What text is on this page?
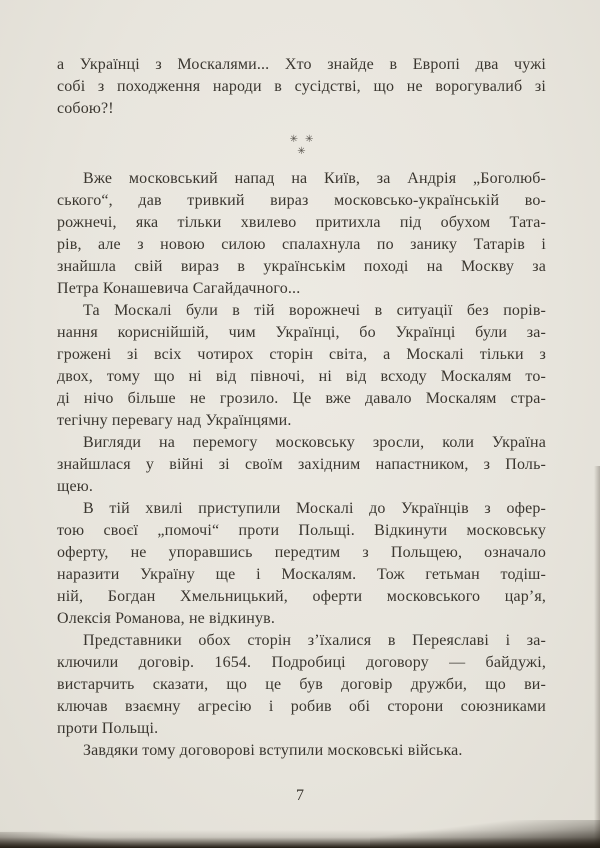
а Українці з Москалями... Хто знайде в Европі два чужі
собі з походження народи в сусідстві, що не ворогувалиб зі
собою?!
✳✳
✳
Вже московський напад на Київ, за Андрія „Боголюб-
ського“, дав тривкий вираз московсько-українській во-
рожнечі, яка тільки хвилево притихла під обухом Тата-
рів, але з новою силою спалахнула по занику Татарів і
знайшла свій вираз в українськім поході на Москву за
Петра Конашевича Сагайдачного...
Та Москалі були в тій ворожнечі в ситуації без порів-
нання кориснійшій, чим Українці, бо Українці були за-
грожені зі всіх чотирох сторін світа, а Москалі тільки з
двох, тому що ні від півночі, ні від всходу Москалям то-
ді нічо більше не грозило. Це вже давало Москалям стра-
тегічну перевагу над Українцями.
Вигляди на перемогу московську зросли, коли Україна
знайшлася у війні зі своїм західним напастником, з Поль-
щею.
В тій хвилі приступили Москалі до Українців з офер-
тою своєї „помочі“ проти Польщі. Відкинути московську
оферту, не упоравшись передтим з Польщею, означало
наразити Україну ще і Москалям. Тож гетьман тодіш-
ній, Богдан Хмельницький, оферти московського цар’я,
Олексія Романова, не відкинув.
Представники обох сторін з’їхалися в Переяславі і за-
ключили договір. 1654. Подробиці договору — байдужі,
вистарчить сказати, що це був договір дружби, що ви-
ключав взаємну агресію і робив обі сторони союзниками
проти Польщі.
Завдяки тому договорові вступили московські війська.
7
